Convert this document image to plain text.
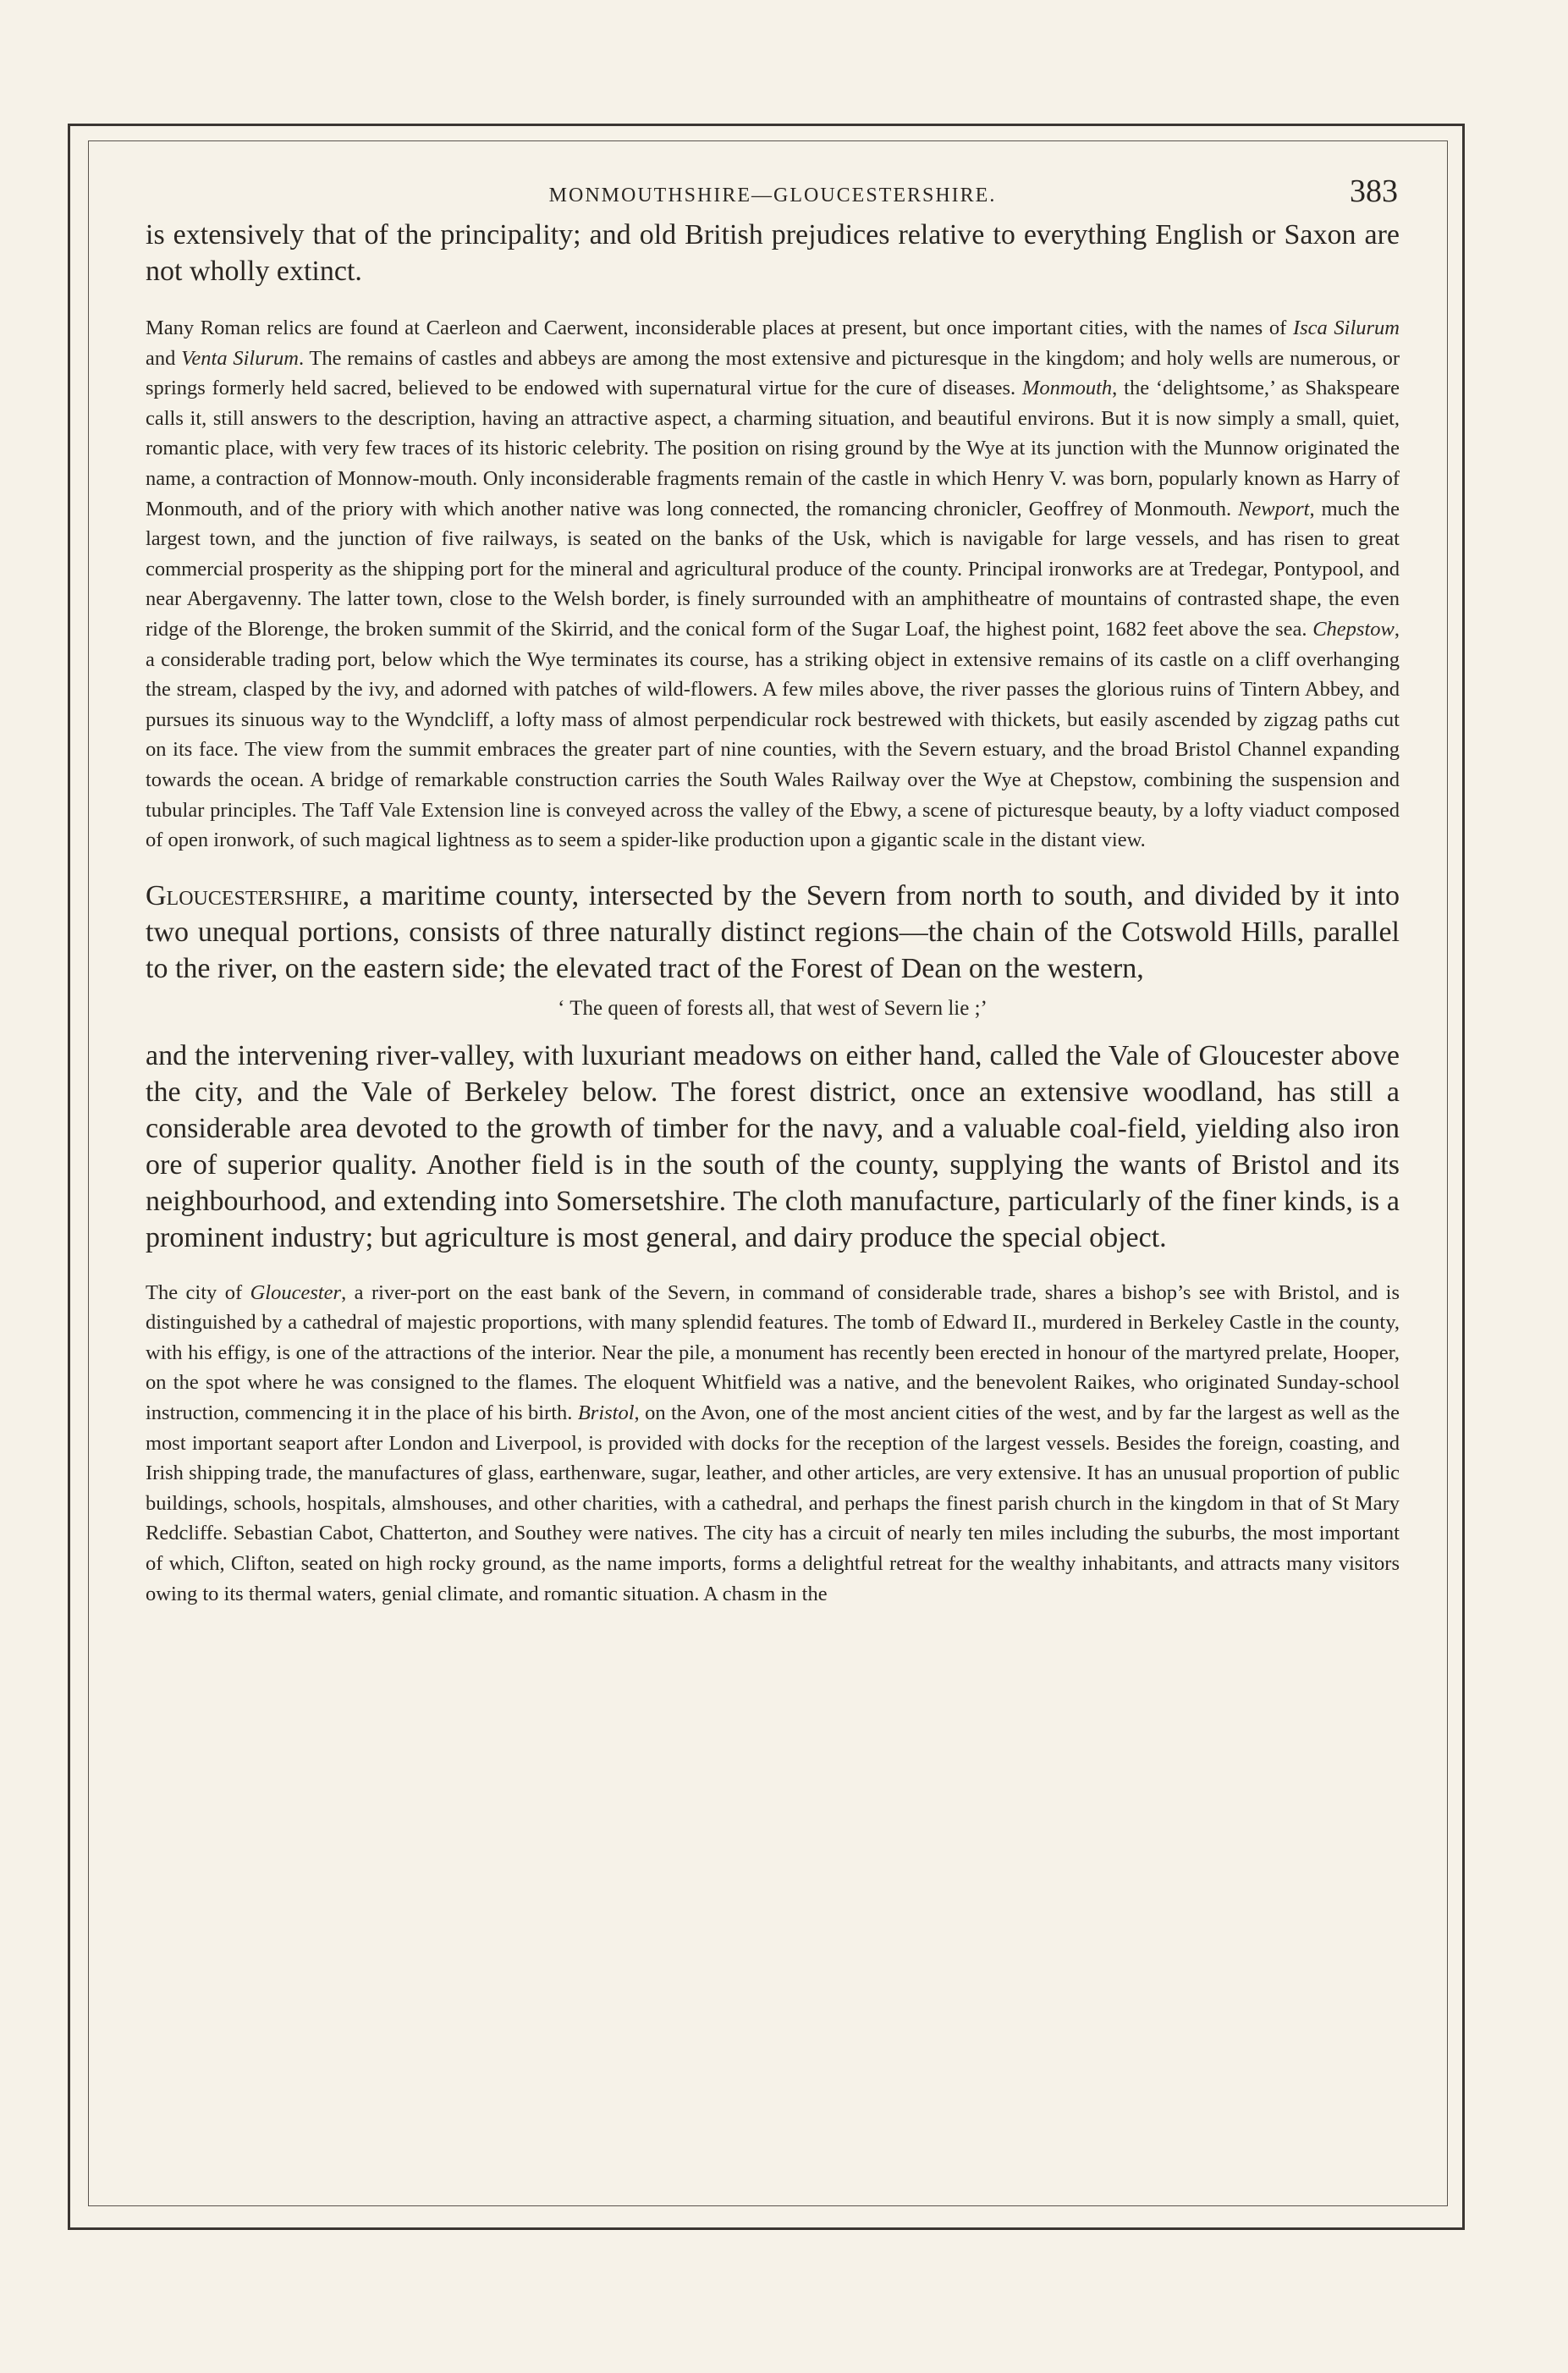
MONMOUTHSHIRE—GLOUCESTERSHIRE.	383

is extensively that of the principality; and old British prejudices relative to everything English or Saxon are not wholly extinct.

Many Roman relics are found at Caerleon and Caerwent, inconsiderable places at present, but once important cities, with the names of Isca Silurum and Venta Silurum. The remains of castles and abbeys are among the most extensive and picturesque in the kingdom; and holy wells are numerous, or springs formerly held sacred, believed to be endowed with supernatural virtue for the cure of diseases. Monmouth, the ‘delightsome,’ as Shakspeare calls it, still answers to the description, having an attractive aspect, a charming situation, and beautiful environs. But it is now simply a small, quiet, romantic place, with very few traces of its historic celebrity. The position on rising ground by the Wye at its junction with the Munnow originated the name, a contraction of Monnow-mouth. Only inconsiderable fragments remain of the castle in which Henry V. was born, popularly known as Harry of Monmouth, and of the priory with which another native was long connected, the romancing chronicler, Geoffrey of Monmouth. Newport, much the largest town, and the junction of five railways, is seated on the banks of the Usk, which is navigable for large vessels, and has risen to great commercial prosperity as the shipping port for the mineral and agricultural produce of the county. Principal ironworks are at Tredegar, Pontypool, and near Abergavenny. The latter town, close to the Welsh border, is finely surrounded with an amphitheatre of mountains of contrasted shape, the even ridge of the Blorenge, the broken summit of the Skirrid, and the conical form of the Sugar Loaf, the highest point, 1682 feet above the sea. Chepstow, a considerable trading port, below which the Wye terminates its course, has a striking object in extensive remains of its castle on a cliff overhanging the stream, clasped by the ivy, and adorned with patches of wild-flowers. A few miles above, the river passes the glorious ruins of Tintern Abbey, and pursues its sinuous way to the Wyndcliff, a lofty mass of almost perpendicular rock bestrewed with thickets, but easily ascended by zigzag paths cut on its face. The view from the summit embraces the greater part of nine counties, with the Severn estuary, and the broad Bristol Channel expanding towards the ocean. A bridge of remarkable construction carries the South Wales Railway over the Wye at Chepstow, combining the suspension and tubular principles. The Taff Vale Extension line is conveyed across the valley of the Ebwy, a scene of picturesque beauty, by a lofty viaduct composed of open ironwork, of such magical lightness as to seem a spider-like production upon a gigantic scale in the distant view.

Gloucestershire, a maritime county, intersected by the Severn from north to south, and divided by it into two unequal portions, consists of three naturally distinct regions—the chain of the Cotswold Hills, parallel to the river, on the eastern side; the elevated tract of the Forest of Dean on the western,

‘ The queen of forests all, that west of Severn lie ;’

and the intervening river-valley, with luxuriant meadows on either hand, called the Vale of Gloucester above the city, and the Vale of Berkeley below. The forest district, once an extensive woodland, has still a considerable area devoted to the growth of timber for the navy, and a valuable coal-field, yielding also iron ore of superior quality. Another field is in the south of the county, supplying the wants of Bristol and its neighbourhood, and extending into Somersetshire. The cloth manufacture, particularly of the finer kinds, is a prominent industry; but agriculture is most general, and dairy produce the special object.

The city of Gloucester, a river-port on the east bank of the Severn, in command of considerable trade, shares a bishop’s see with Bristol, and is distinguished by a cathedral of majestic proportions, with many splendid features. The tomb of Edward II., murdered in Berkeley Castle in the county, with his effigy, is one of the attractions of the interior. Near the pile, a monument has recently been erected in honour of the martyred prelate, Hooper, on the spot where he was consigned to the flames. The eloquent Whitfield was a native, and the benevolent Raikes, who originated Sunday-school instruction, commencing it in the place of his birth. Bristol, on the Avon, one of the most ancient cities of the west, and by far the largest as well as the most important seaport after London and Liverpool, is provided with docks for the reception of the largest vessels. Besides the foreign, coasting, and Irish shipping trade, the manufactures of glass, earthenware, sugar, leather, and other articles, are very extensive. It has an unusual proportion of public buildings, schools, hospitals, almshouses, and other charities, with a cathedral, and perhaps the finest parish church in the kingdom in that of St Mary Redcliffe. Sebastian Cabot, Chatterton, and Southey were natives. The city has a circuit of nearly ten miles including the suburbs, the most important of which, Clifton, seated on high rocky ground, as the name imports, forms a delightful retreat for the wealthy inhabitants, and attracts many visitors owing to its thermal waters, genial climate, and romantic situation. A chasm in the
